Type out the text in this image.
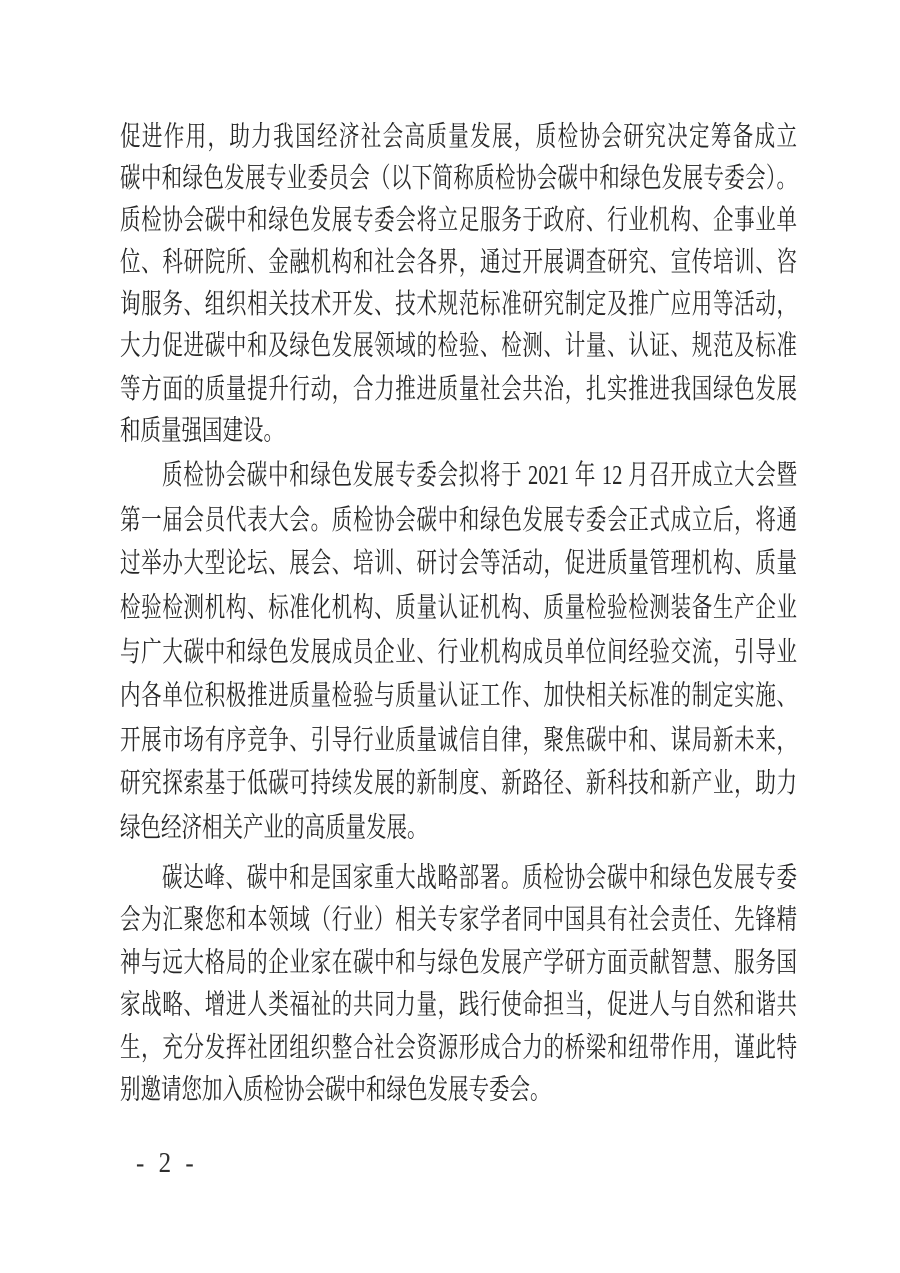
促进作用，助力我国经济社会高质量发展，质检协会研究决定筹备成立
碳中和绿色发展专业委员会（以下简称质检协会碳中和绿色发展专委会）。
质检协会碳中和绿色发展专委会将立足服务于政府、行业机构、企事业单
位、科研院所、金融机构和社会各界，通过开展调查研究、宣传培训、咨
询服务、组织相关技术开发、技术规范标准研究制定及推广应用等活动，
大力促进碳中和及绿色发展领域的检验、检测、计量、认证、规范及标准
等方面的质量提升行动，合力推进质量社会共治，扎实推进我国绿色发展
和质量强国建设。
质检协会碳中和绿色发展专委会拟将于 2021 年 12 月召开成立大会暨
第一届会员代表大会。质检协会碳中和绿色发展专委会正式成立后，将通
过举办大型论坛、展会、培训、研讨会等活动，促进质量管理机构、质量
检验检测机构、标准化机构、质量认证机构、质量检验检测装备生产企业
与广大碳中和绿色发展成员企业、行业机构成员单位间经验交流，引导业
内各单位积极推进质量检验与质量认证工作、加快相关标准的制定实施、
开展市场有序竞争、引导行业质量诚信自律，聚焦碳中和、谋局新未来，
研究探索基于低碳可持续发展的新制度、新路径、新科技和新产业，助力
绿色经济相关产业的高质量发展。
碳达峰、碳中和是国家重大战略部署。质检协会碳中和绿色发展专委
会为汇聚您和本领域（行业）相关专家学者同中国具有社会责任、先锋精
神与远大格局的企业家在碳中和与绿色发展产学研方面贡献智慧、服务国
家战略、增进人类福祉的共同力量，践行使命担当，促进人与自然和谐共
生，充分发挥社团组织整合社会资源形成合力的桥梁和纽带作用，谨此特
别邀请您加入质检协会碳中和绿色发展专委会。
- 2 -
